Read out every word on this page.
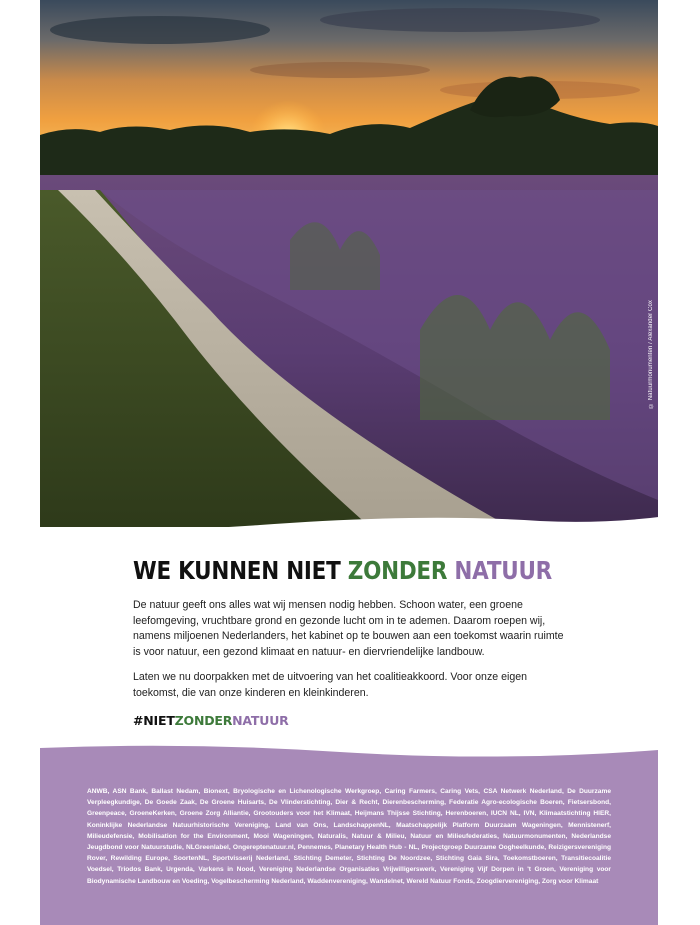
© Natuurmonumenten / Alexander Cox
WE KUNNEN NIET ZONDER NATUUR

De natuur geeft ons alles wat wij mensen nodig hebben. Schoon water, een groene leefomgeving, vruchtbare grond en gezonde lucht om in te ademen. Daarom roepen wij, namens miljoenen Nederlanders, het kabinet op te bouwen aan een toekomst waarin ruimte is voor natuur, een gezond klimaat en natuur- en diervriendelijke landbouw.

Laten we nu doorpakken met de uitvoering van het coalitieakkoord. Voor onze eigen toekomst, die van onze kinderen en kleinkinderen.

#NIETZONDERNATUUR

ANWB, ASN Bank, Ballast Nedam, Bionext, Bryologische en Lichenologische Werkgroep, Caring Farmers, Caring Vets, CSA Netwerk Nederland, De Duurzame Verpleegkundige, De Goede Zaak, De Groene Huisarts, De Vlinderstichting, Dier & Recht, Dierenbescherming, Federatie Agro-ecologische Boeren, Fietsersbond, Greenpeace, GroeneKerken, Groene Zorg Alliantie, Grootouders voor het Klimaat, Heijmans Thijsse Stichting, Herenboeren, IUCN NL, IVN, Klimaatstichting HIER, Koninklijke Nederlandse Natuurhistorische Vereniging, Land van Ons, LandschappenNL, Maatschappelijk Platform Duurzaam Wageningen, Mennistenerf, Milieudefensie, Mobilisation for the Environment, Mooi Wageningen, Naturalis, Natuur & Milieu, Natuur en Milieufederaties, Natuurmonumenten, Nederlandse Jeugdbond voor Natuurstudie, NLGreenlabel, Ongereptenatuur.nl, Pennemes, Planetary Health Hub - NL, Projectgroep Duurzame Oogheelkunde, Reizigersvereniging Rover, Rewilding Europe, SoortenNL, Sportvisserij Nederland, Stichting Demeter, Stichting De Noordzee, Stichting Gaia Sira, Toekomstboeren, Transitiecoalitie Voedsel, Triodos Bank, Urgenda, Varkens in Nood, Vereniging Nederlandse Organisaties Vrijwilligerswerk, Vereniging Vijf Dorpen in 't Groen, Vereniging voor Biodynamische Landbouw en Voeding, Vogelbescherming Nederland, Waddenvereniging, Wandelnet, Wereld Natuur Fonds, Zoogdiervereniging, Zorg voor Klimaat
